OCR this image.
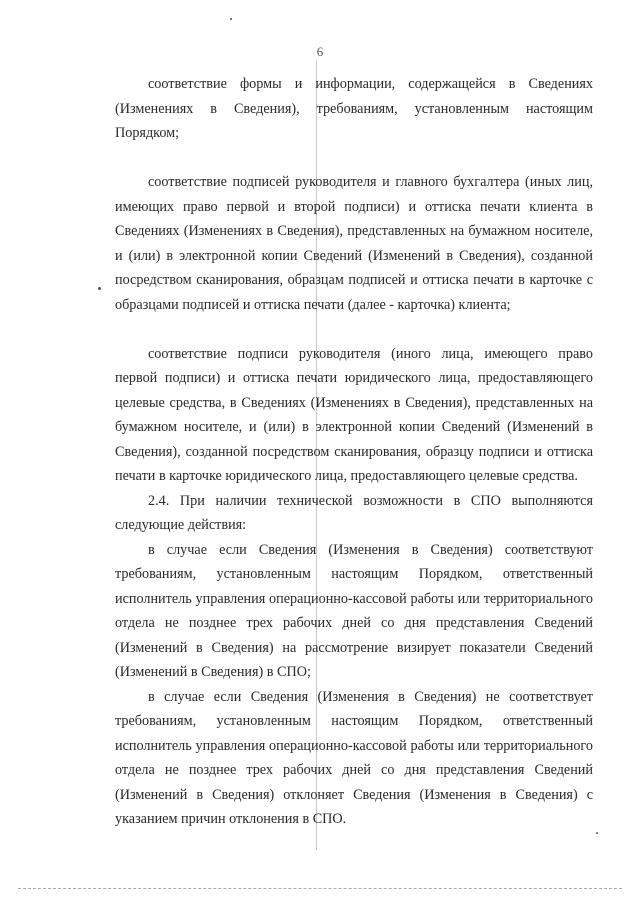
6

соответствие формы и информации, содержащейся в Сведениях (Изменениях в Сведения), требованиям, установленным настоящим Порядком;

соответствие подписей руководителя и главного бухгалтера (иных лиц, имеющих право первой и второй подписи) и оттиска печати клиента в Сведениях (Изменениях в Сведения), представленных на бумажном носителе, и (или) в электронной копии Сведений (Изменений в Сведения), созданной посредством сканирования, образцам подписей и оттиска печати в карточке с образцами подписей и оттиска печати (далее - карточка) клиента;

соответствие подписи руководителя (иного лица, имеющего право первой подписи) и оттиска печати юридического лица, предоставляющего целевые средства, в Сведениях (Изменениях в Сведения), представленных на бумажном носителе, и (или) в электронной копии Сведений (Изменений в Сведения), созданной посредством сканирования, образцу подписи и оттиска печати в карточке юридического лица, предоставляющего целевые средства.

2.4. При наличии технической возможности в СПО выполняются следующие действия:

в случае если Сведения (Изменения в Сведения) соответствуют требованиям, установленным настоящим Порядком, ответственный исполнитель управления операционно-кассовой работы или территориального отдела не позднее трех рабочих дней со дня представления Сведений (Изменений в Сведения) на рассмотрение визирует показатели Сведений (Изменений в Сведения) в СПО;

в случае если Сведения (Изменения в Сведения) не соответствует требованиям, установленным настоящим Порядком, ответственный исполнитель управления операционно-кассовой работы или территориального отдела не позднее трех рабочих дней со дня представления Сведений (Изменений в Сведения) отклоняет Сведения (Изменения в Сведения) с указанием причин отклонения в СПО.
